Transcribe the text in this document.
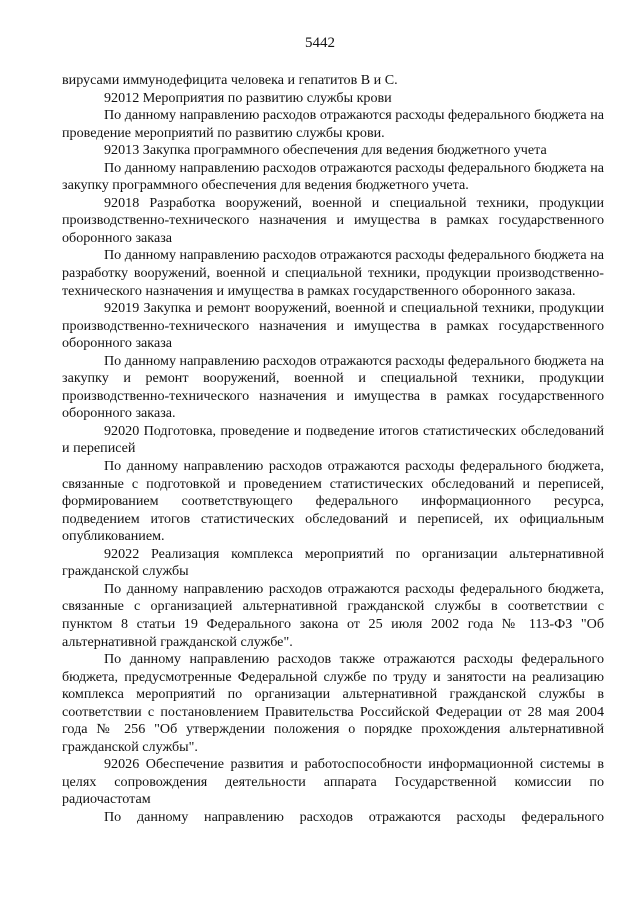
5442

вирусами иммунодефицита человека и гепатитов В и С.

92012 Мероприятия по развитию службы крови

По данному направлению расходов отражаются расходы федерального бюджета на проведение мероприятий по развитию службы крови.

92013 Закупка программного обеспечения для ведения бюджетного учета

По данному направлению расходов отражаются расходы федерального бюджета на закупку программного обеспечения для ведения бюджетного учета.

92018 Разработка вооружений, военной и специальной техники, продукции производственно-технического назначения и имущества в рамках государственного оборонного заказа

По данному направлению расходов отражаются расходы федерального бюджета на разработку вооружений, военной и специальной техники, продукции производственно-технического назначения и имущества в рамках государственного оборонного заказа.

92019 Закупка и ремонт вооружений, военной и специальной техники, продукции производственно-технического назначения и имущества в рамках государственного оборонного заказа

По данному направлению расходов отражаются расходы федерального бюджета на закупку и ремонт вооружений, военной и специальной техники, продукции производственно-технического назначения и имущества в рамках государственного оборонного заказа.

92020 Подготовка, проведение и подведение итогов статистических обследований и переписей

По данному направлению расходов отражаются расходы федерального бюджета, связанные с подготовкой и проведением статистических обследований и переписей, формированием соответствующего федерального информационного ресурса, подведением итогов статистических обследований и переписей, их официальным опубликованием.

92022 Реализация комплекса мероприятий по организации альтернативной гражданской службы

По данному направлению расходов отражаются расходы федерального бюджета, связанные с организацией альтернативной гражданской службы в соответствии с пунктом 8 статьи 19 Федерального закона от 25 июля 2002 года № 113-ФЗ "Об альтернативной гражданской службе".

По данному направлению расходов также отражаются расходы федерального бюджета, предусмотренные Федеральной службе по труду и занятости на реализацию комплекса мероприятий по организации альтернативной гражданской службы в соответствии с постановлением Правительства Российской Федерации от 28 мая 2004 года № 256 "Об утверждении положения о порядке прохождения альтернативной гражданской службы".

92026 Обеспечение развития и работоспособности информационной системы в целях сопровождения деятельности аппарата Государственной комиссии по радиочастотам

По данному направлению расходов отражаются расходы федерального
